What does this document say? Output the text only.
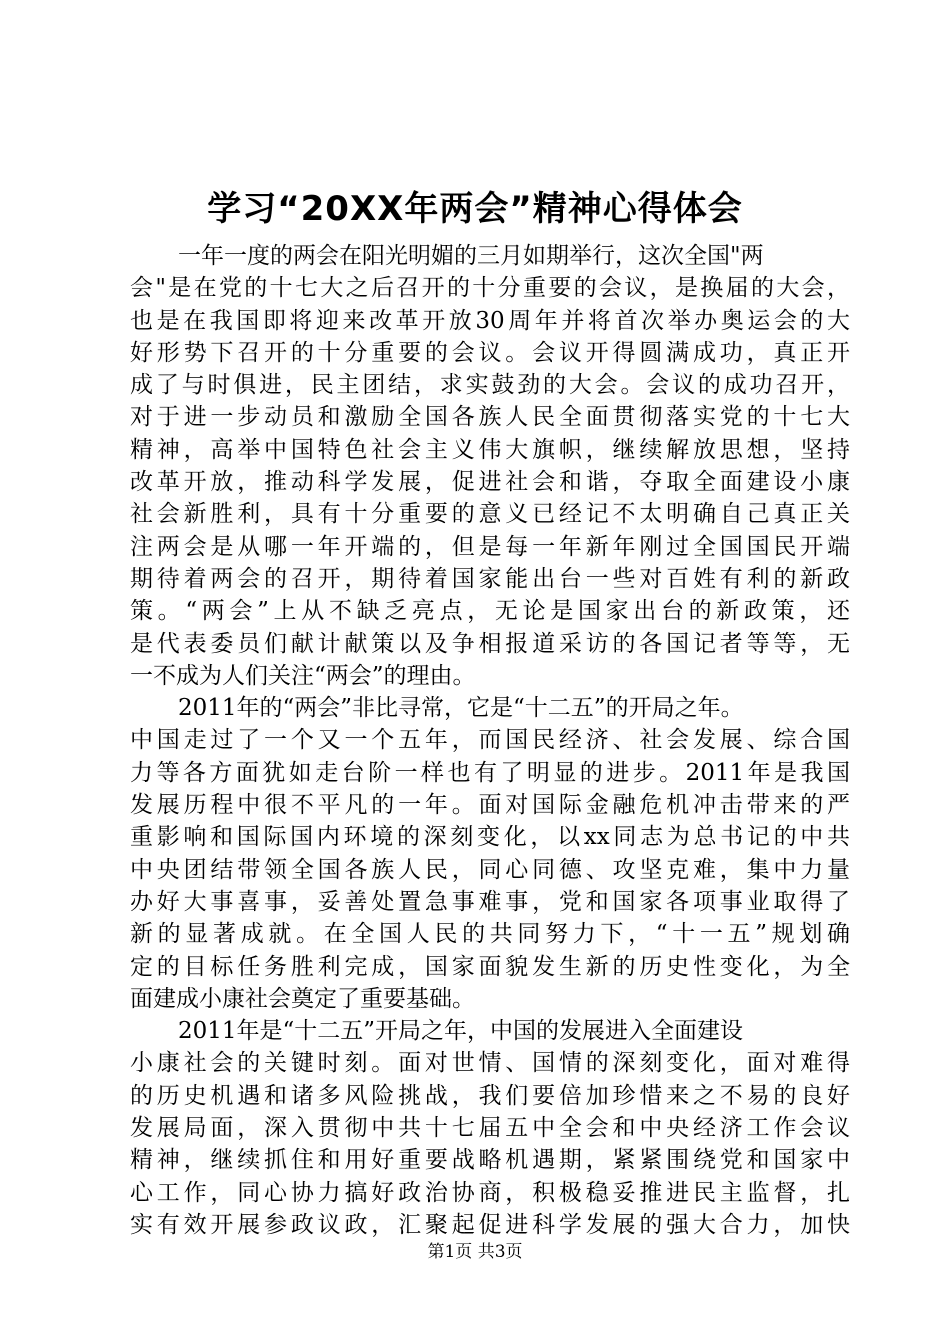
学习“20XX年两会”精神心得体会
一年一度的两会在阳光明媚的三月如期举行，这次全国"两
会"是在党的十七大之后召开的十分重要的会议，是换届的大会，
也是在我国即将迎来改革开放30周年并将首次举办奥运会的大
好形势下召开的十分重要的会议。会议开得圆满成功，真正开
成了与时俱进，民主团结，求实鼓劲的大会。会议的成功召开，
对于进一步动员和激励全国各族人民全面贯彻落实党的十七大
精神，高举中国特色社会主义伟大旗帜，继续解放思想，坚持
改革开放，推动科学发展，促进社会和谐，夺取全面建设小康
社会新胜利，具有十分重要的意义已经记不太明确自己真正关
注两会是从哪一年开端的，但是每一年新年刚过全国国民开端
期待着两会的召开，期待着国家能出台一些对百姓有利的新政
策。“两会”上从不缺乏亮点，无论是国家出台的新政策，还
是代表委员们献计献策以及争相报道采访的各国记者等等，无
一不成为人们关注“两会”的理由。
2011年的“两会”非比寻常，它是“十二五”的开局之年。
中国走过了一个又一个五年，而国民经济、社会发展、综合国
力等各方面犹如走台阶一样也有了明显的进步。2011年是我国
发展历程中很不平凡的一年。面对国际金融危机冲击带来的严
重影响和国际国内环境的深刻变化，以xx同志为总书记的中共
中央团结带领全国各族人民，同心同德、攻坚克难，集中力量
办好大事喜事，妥善处置急事难事，党和国家各项事业取得了
新的显著成就。在全国人民的共同努力下，“十一五”规划确
定的目标任务胜利完成，国家面貌发生新的历史性变化，为全
面建成小康社会奠定了重要基础。
2011年是“十二五”开局之年，中国的发展进入全面建设
小康社会的关键时刻。面对世情、国情的深刻变化，面对难得
的历史机遇和诸多风险挑战，我们要倍加珍惜来之不易的良好
发展局面，深入贯彻中共十七届五中全会和中央经济工作会议
精神，继续抓住和用好重要战略机遇期，紧紧围绕党和国家中
心工作，同心协力搞好政治协商，积极稳妥推进民主监督，扎
实有效开展参政议政，汇聚起促进科学发展的强大合力，加快
第1页 共3页
